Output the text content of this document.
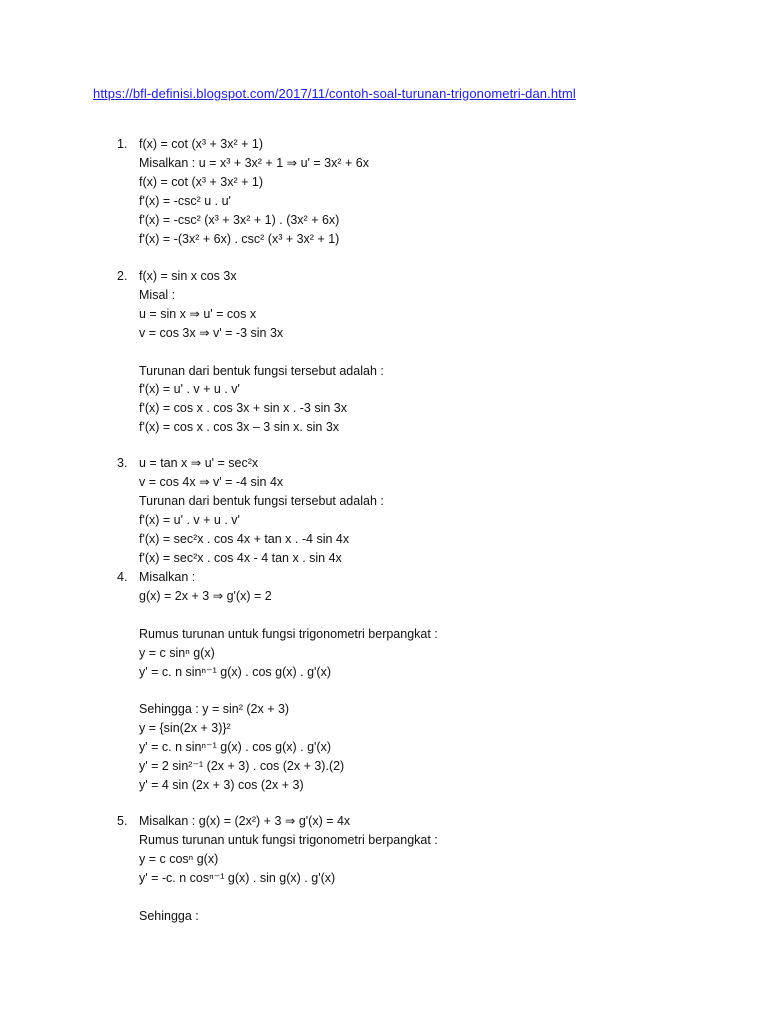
https://bfl-definisi.blogspot.com/2017/11/contoh-soal-turunan-trigonometri-dan.html
1. f(x) = cot (x³ + 3x² + 1)
Misalkan : u = x³ + 3x² + 1 ⇒ u' = 3x² + 6x
f(x) = cot (x³ + 3x² + 1)
f'(x) = -csc² u . u'
f'(x) = -csc² (x³ + 3x² + 1) . (3x² + 6x)
f'(x) = -(3x² + 6x) . csc² (x³ + 3x² + 1)
2. f(x) = sin x cos 3x
Misal :
u = sin x ⇒ u' = cos x
v = cos 3x ⇒ v' = -3 sin 3x
Turunan dari bentuk fungsi tersebut adalah :
f'(x) = u' . v + u . v'
f'(x) = cos x . cos 3x + sin x . -3 sin 3x
f'(x) = cos x . cos 3x – 3 sin x. sin 3x
3. u = tan x ⇒ u' = sec²x
v = cos 4x ⇒ v' = -4 sin 4x
Turunan dari bentuk fungsi tersebut adalah :
f'(x) = u' . v + u . v'
f'(x) = sec²x . cos 4x + tan x . -4 sin 4x
f'(x) = sec²x . cos 4x - 4 tan x . sin 4x
4. Misalkan :
g(x) = 2x + 3 ⇒ g'(x) = 2
Rumus turunan untuk fungsi trigonometri berpangkat :
y = c sinⁿ g(x)
y' = c. n sinⁿ⁻¹ g(x) . cos g(x) . g'(x)
Sehingga : y = sin² (2x + 3)
y = {sin(2x + 3)}²
y' = c. n sinⁿ⁻¹ g(x) . cos g(x) . g'(x)
y' = 2 sin²⁻¹ (2x + 3) . cos (2x + 3).(2)
y' = 4 sin (2x + 3) cos (2x + 3)
5. Misalkan : g(x) = (2x²) + 3 ⇒ g'(x) = 4x
Rumus turunan untuk fungsi trigonometri berpangkat :
y = c cosⁿ g(x)
y' = -c. n cosⁿ⁻¹ g(x) . sin g(x) . g'(x)
Sehingga :
